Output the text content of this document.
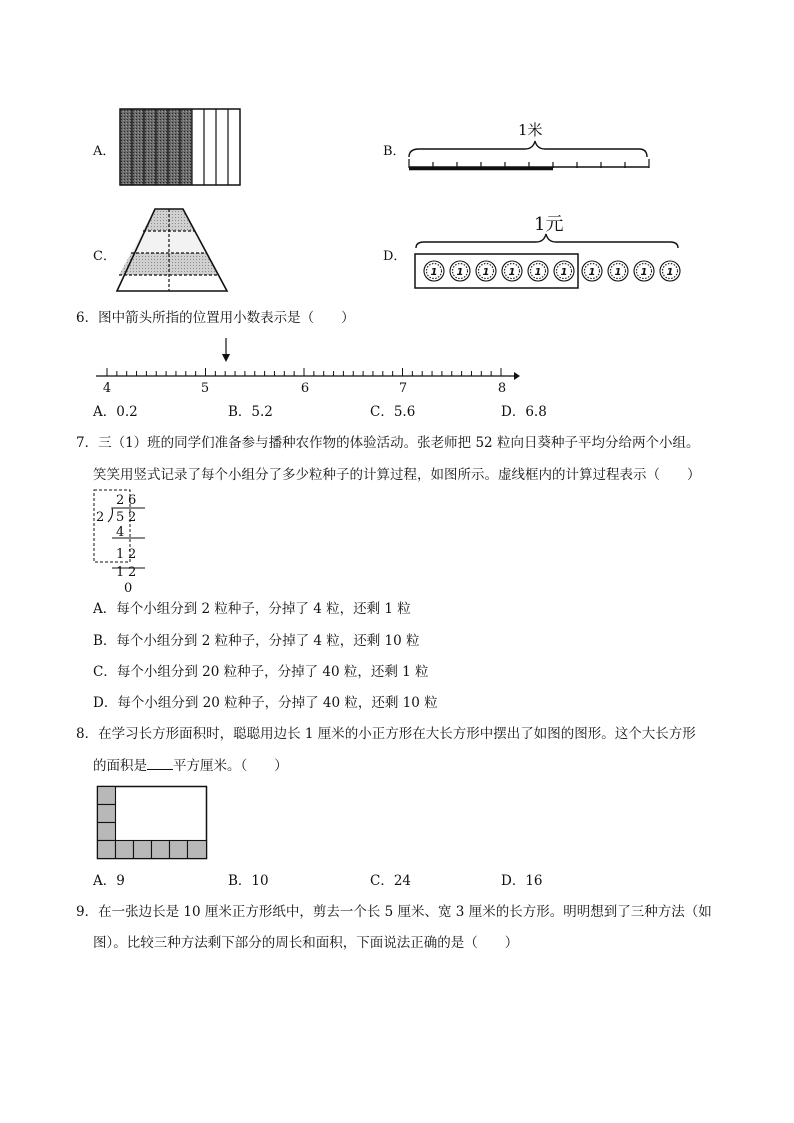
A．	B．
1米
C．	D．
1元
1 1 1 1 1 1 1 1 1 1
6．图中箭头所指的位置用小数表示是（　　）
4	5	6	7	8
A．0.2	B．5.2	C．5.6	D．6.8
7．三（1）班的同学们准备参与播种农作物的体验活动。张老师把 52 粒向日葵种子平均分给两个小组。
笑笑用竖式记录了每个小组分了多少粒种子的计算过程，如图所示。虚线框内的计算过程表示（　　）
2 6
2 5 2
4
1 2
1 2
0
A．每个小组分到 2 粒种子，分掉了 4 粒，还剩 1 粒
B．每个小组分到 2 粒种子，分掉了 4 粒，还剩 10 粒
C．每个小组分到 20 粒种子，分掉了 40 粒，还剩 1 粒
D．每个小组分到 20 粒种子，分掉了 40 粒，还剩 10 粒
8．在学习长方形面积时，聪聪用边长 1 厘米的小正方形在大长方形中摆出了如图的图形。这个大长方形
的面积是 平方厘米。（　　）
A．9	B．10	C．24	D．16
9．在一张边长是 10 厘米正方形纸中，剪去一个长 5 厘米、宽 3 厘米的长方形。明明想到了三种方法（如
图）。比较三种方法剩下部分的周长和面积，下面说法正确的是（　　）
